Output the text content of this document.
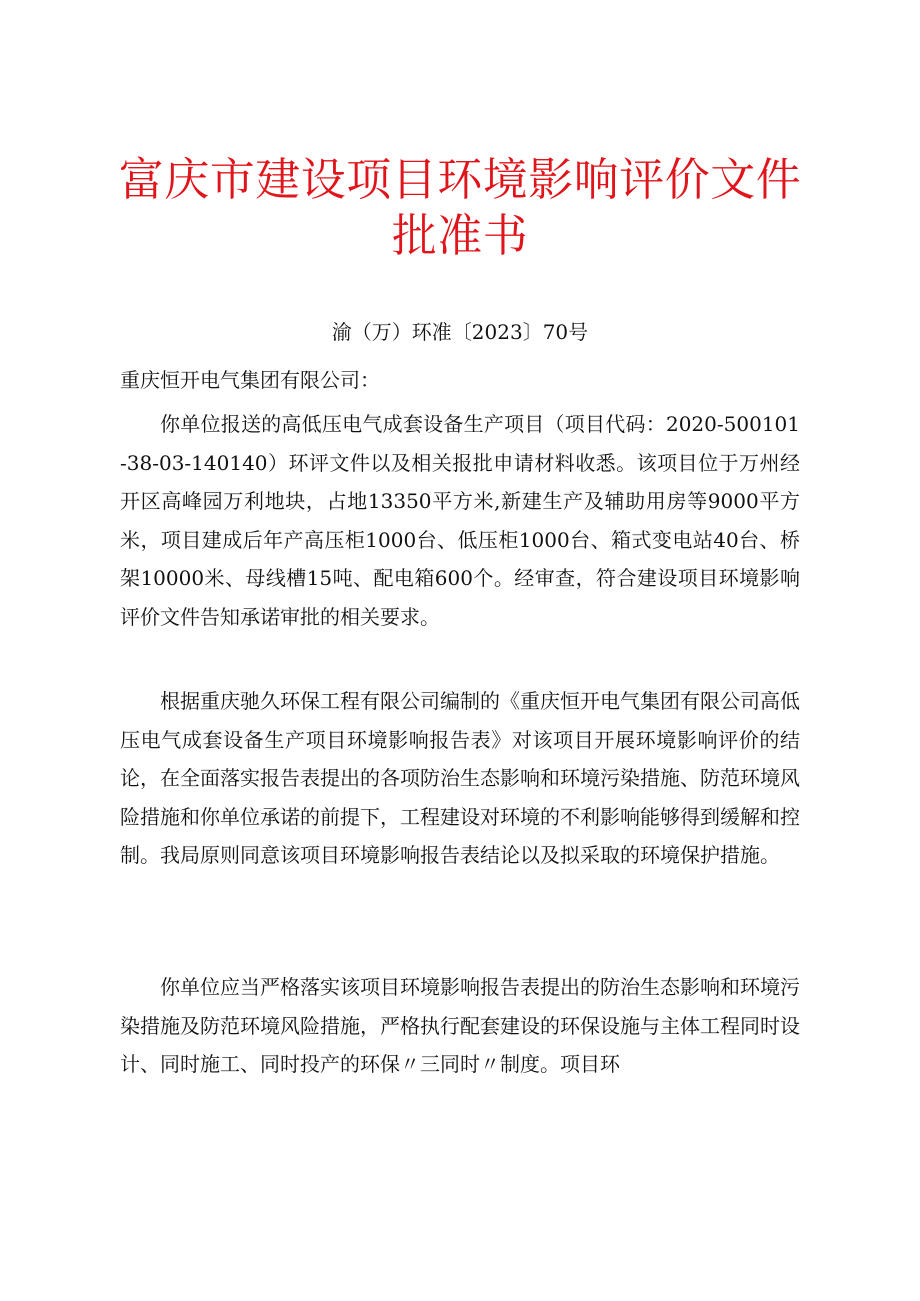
富庆市建设项目环境影响评价文件
批准书
渝（万）环准〔2023〕70号
重庆恒开电气集团有限公司：

你单位报送的高低压电气成套设备生产项目（项目代码：2020-500101-38-03-140140）环评文件以及相关报批申请材料收悉。该项目位于万州经开区高峰园万利地块，占地13350平方米,新建生产及辅助用房等9000平方米，项目建成后年产高压柜1000台、低压柜1000台、箱式变电站40台、桥架10000米、母线槽15吨、配电箱600个。经审查，符合建设项目环境影响评价文件告知承诺审批的相关要求。

根据重庆驰久环保工程有限公司编制的《重庆恒开电气集团有限公司高低压电气成套设备生产项目环境影响报告表》对该项目开展环境影响评价的结论，在全面落实报告表提出的各项防治生态影响和环境污染措施、防范环境风险措施和你单位承诺的前提下，工程建设对环境的不利影响能够得到缓解和控制。我局原则同意该项目环境影响报告表结论以及拟采取的环境保护措施。

你单位应当严格落实该项目环境影响报告表提出的防治生态影响和环境污染措施及防范环境风险措施，严格执行配套建设的环保设施与主体工程同时设计、同时施工、同时投产的环保〃三同时〃制度。项目环
